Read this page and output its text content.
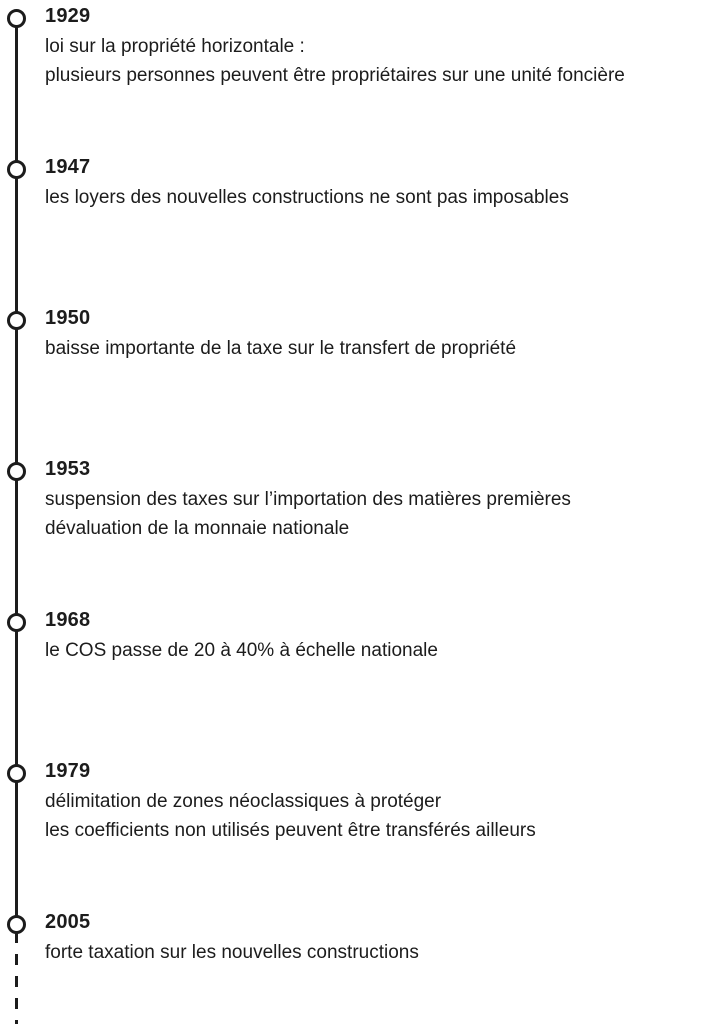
1929
loi sur la propriété horizontale :
plusieurs personnes peuvent être propriétaires sur une unité foncière
1947
les loyers des nouvelles constructions ne sont pas imposables
1950
baisse importante de la taxe sur le transfert de propriété
1953
suspension des taxes sur l’importation des matières premières
dévaluation de la monnaie nationale
1968
le COS passe de 20 à 40% à échelle nationale
1979
délimitation de zones néoclassiques à protéger
les coefficients non utilisés peuvent être transférés ailleurs
2005
forte taxation sur les nouvelles constructions
